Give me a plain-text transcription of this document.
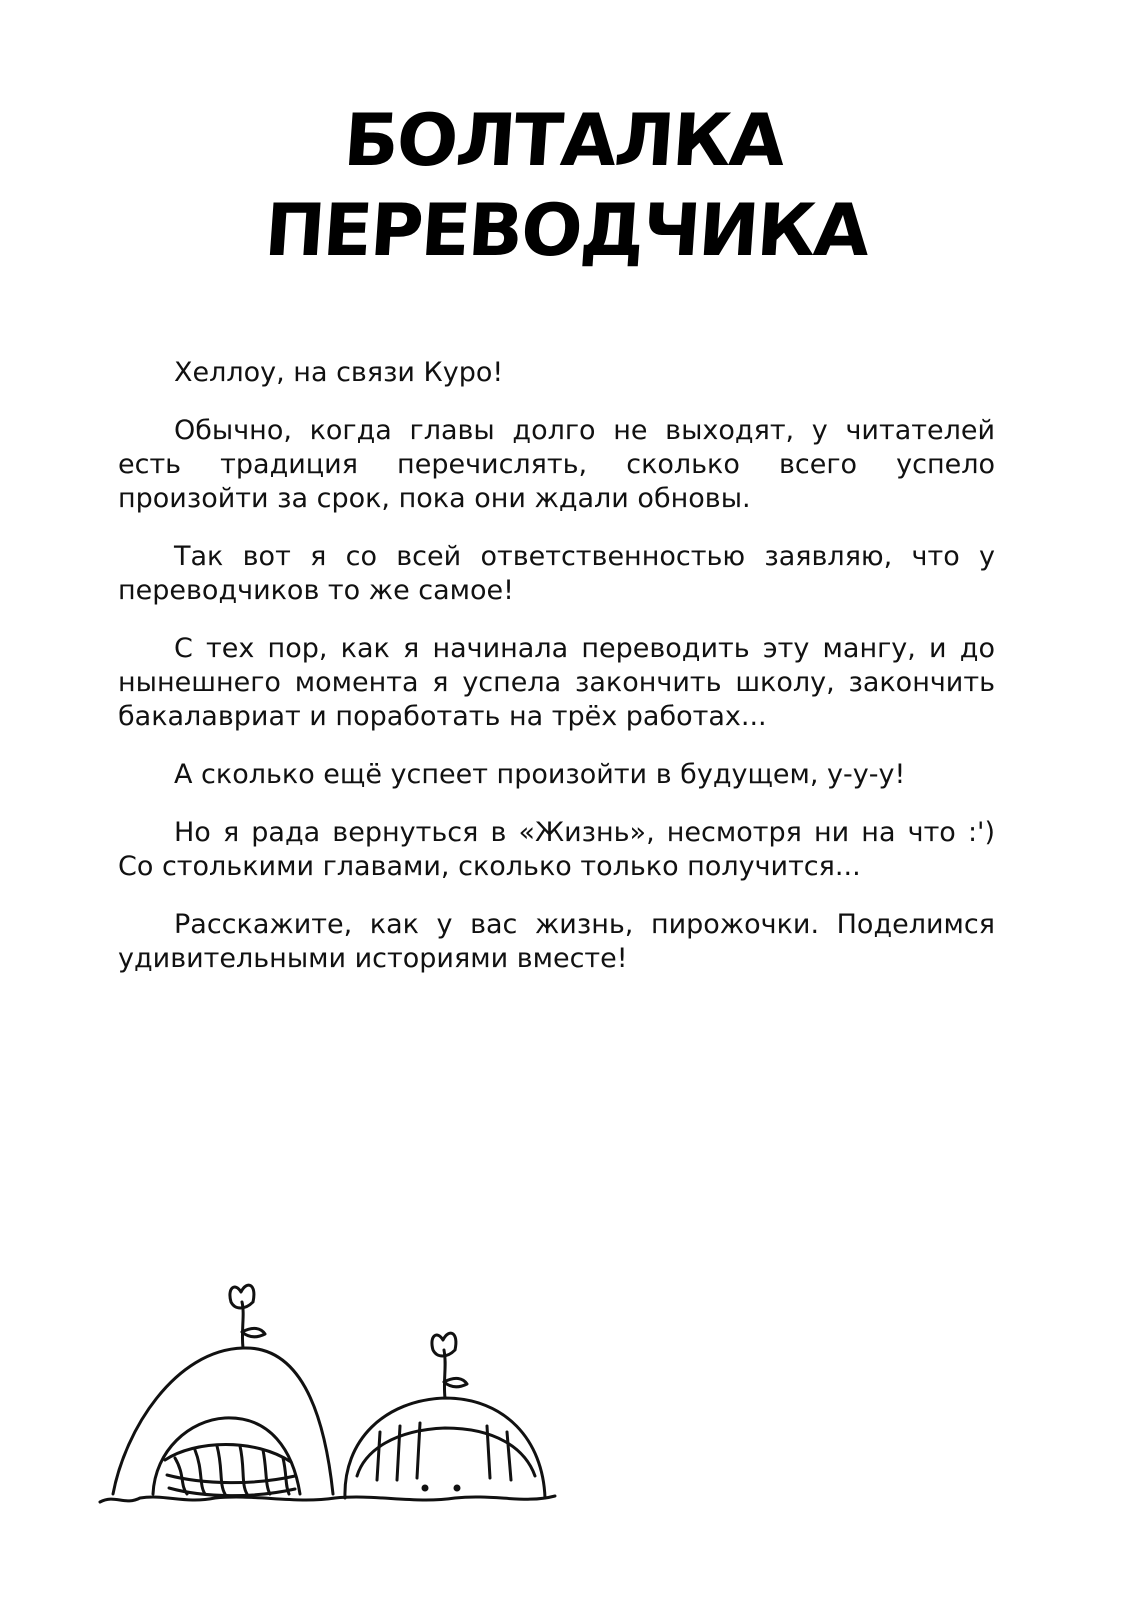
БОЛТАЛКА
ПЕРЕВОДЧИКА

Хеллоу, на связи Куро!

Обычно, когда главы долго не выходят, у читателей есть традиция перечислять, сколько всего успело произойти за срок, пока они ждали обновы.

Так вот я со всей ответственностью заявляю, что у переводчиков то же самое!

С тех пор, как я начинала переводить эту мангу, и до нынешнего момента я успела закончить школу, закончить бакалавриат и поработать на трёх работах...

А сколько ещё успеет произойти в будущем, у-у-у!

Но я рада вернуться в «Жизнь», несмотря ни на что :') Со столькими главами, сколько только получится...

Расскажите, как у вас жизнь, пирожочки. Поделимся удивительными историями вместе!
